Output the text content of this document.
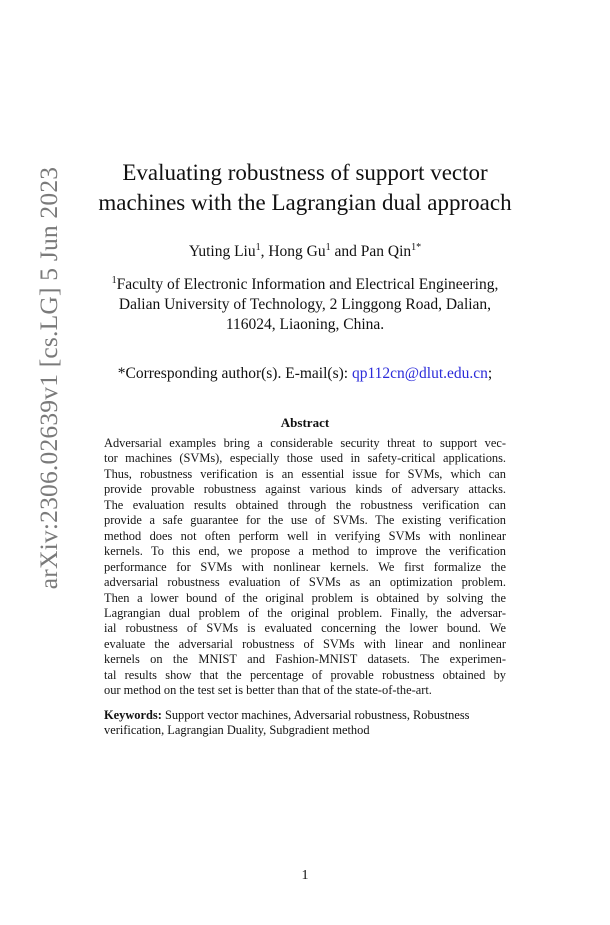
arXiv:2306.02639v1 [cs.LG] 5 Jun 2023	Evaluating robustness of support vector
machines with the Lagrangian dual approach
Yuting Liu$^1$, Hong Gu$^1$ and Pan Qin$^{1*}$
$^1$Faculty of Electronic Information and Electrical Engineering,
Dalian University of Technology, 2 Linggong Road, Dalian,
116024, Liaoning, China.
*Corresponding author(s). E-mail(s): qp112cn@dlut.edu.cn;
Abstract
Adversarial examples bring a considerable security threat to support vec-
tor machines (SVMs), especially those used in safety-critical applications.
Thus, robustness verification is an essential issue for SVMs, which can
provide provable robustness against various kinds of adversary attacks.
The evaluation results obtained through the robustness verification can
provide a safe guarantee for the use of SVMs. The existing verification
method does not often perform well in verifying SVMs with nonlinear
kernels. To this end, we propose a method to improve the verification
performance for SVMs with nonlinear kernels. We first formalize the
adversarial robustness evaluation of SVMs as an optimization problem.
Then a lower bound of the original problem is obtained by solving the
Lagrangian dual problem of the original problem. Finally, the adversar-
ial robustness of SVMs is evaluated concerning the lower bound. We
evaluate the adversarial robustness of SVMs with linear and nonlinear
kernels on the MNIST and Fashion-MNIST datasets. The experimen-
tal results show that the percentage of provable robustness obtained by
our method on the test set is better than that of the state-of-the-art.
Keywords: Support vector machines, Adversarial robustness, Robustness
verification, Lagrangian Duality, Subgradient method
1
